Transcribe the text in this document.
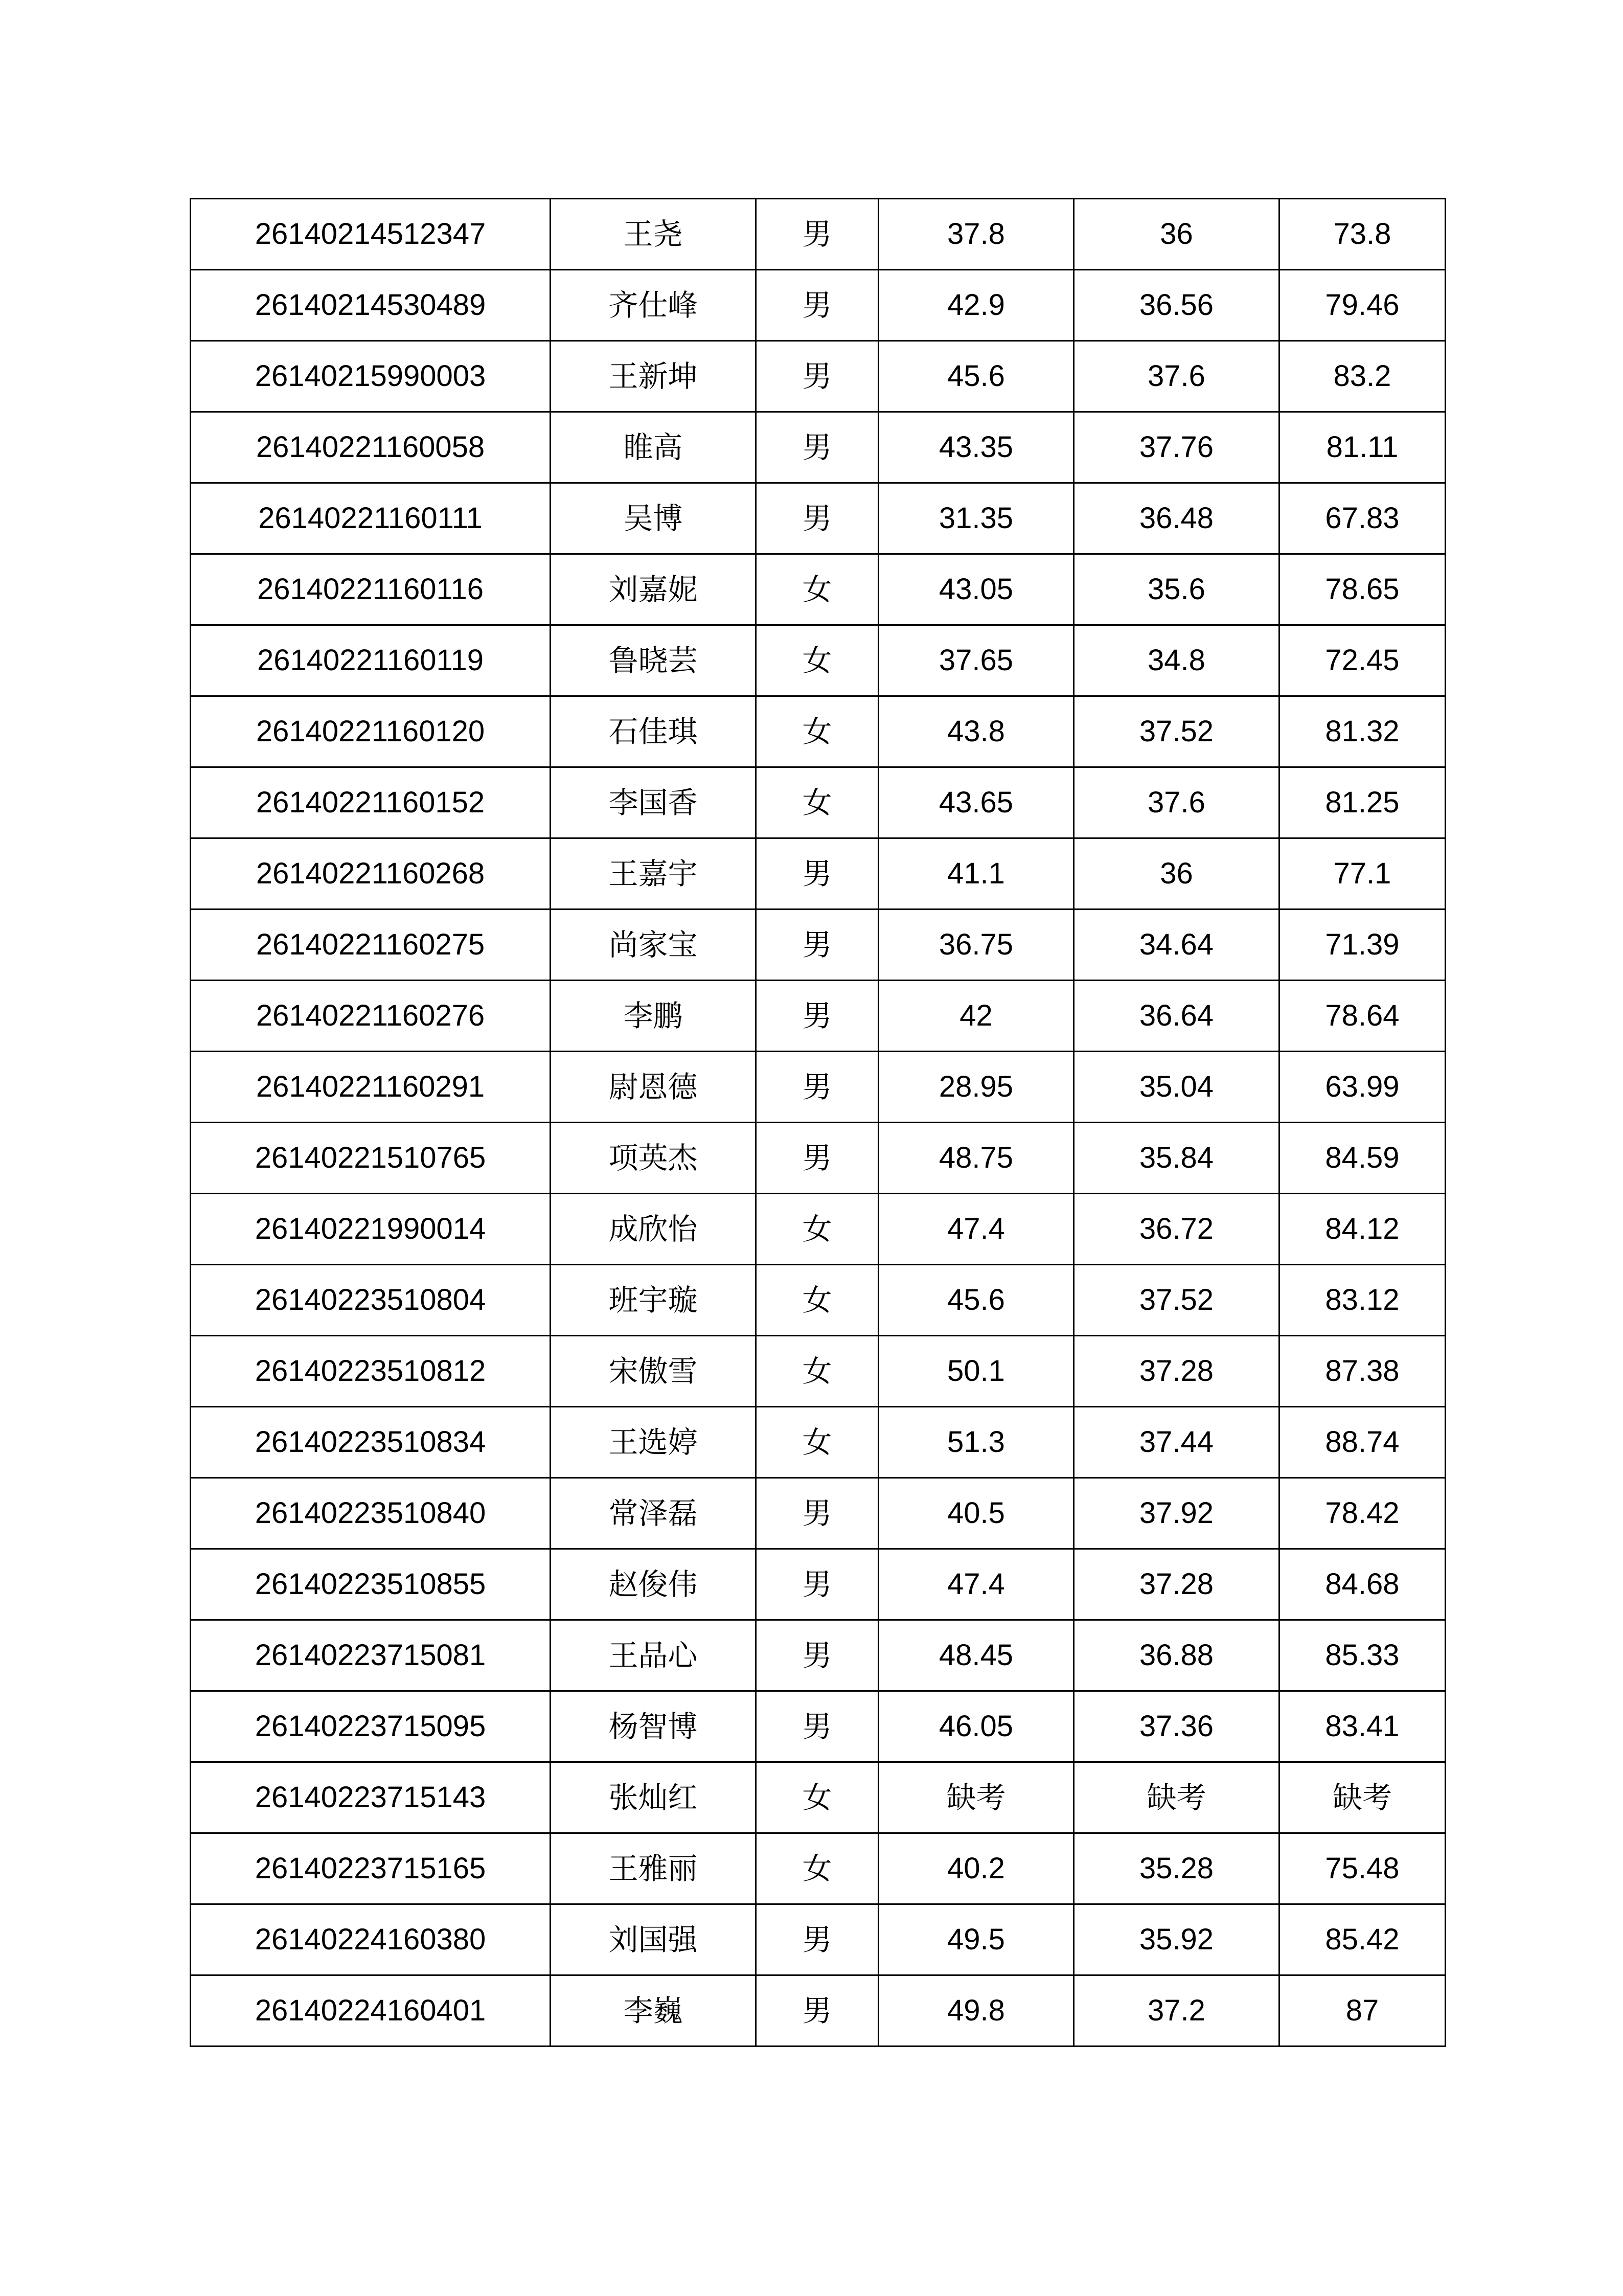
26140214512347	王尧	男	37.8	36	73.8
26140214530489	齐仕峰	男	42.9	36.56	79.46
26140215990003	王新坤	男	45.6	37.6	83.2
26140221160058	睢高	男	43.35	37.76	81.11
26140221160111	吴博	男	31.35	36.48	67.83
26140221160116	刘嘉妮	女	43.05	35.6	78.65
26140221160119	鲁晓芸	女	37.65	34.8	72.45
26140221160120	石佳琪	女	43.8	37.52	81.32
26140221160152	李国香	女	43.65	37.6	81.25
26140221160268	王嘉宇	男	41.1	36	77.1
26140221160275	尚家宝	男	36.75	34.64	71.39
26140221160276	李鹏	男	42	36.64	78.64
26140221160291	尉恩德	男	28.95	35.04	63.99
26140221510765	项英杰	男	48.75	35.84	84.59
26140221990014	成欣怡	女	47.4	36.72	84.12
26140223510804	班宇璇	女	45.6	37.52	83.12
26140223510812	宋傲雪	女	50.1	37.28	87.38
26140223510834	王选婷	女	51.3	37.44	88.74
26140223510840	常泽磊	男	40.5	37.92	78.42
26140223510855	赵俊伟	男	47.4	37.28	84.68
26140223715081	王品心	男	48.45	36.88	85.33
26140223715095	杨智博	男	46.05	37.36	83.41
26140223715143	张灿红	女	缺考	缺考	缺考
26140223715165	王雅丽	女	40.2	35.28	75.48
26140224160380	刘国强	男	49.5	35.92	85.42
26140224160401	李巍	男	49.8	37.2	87
